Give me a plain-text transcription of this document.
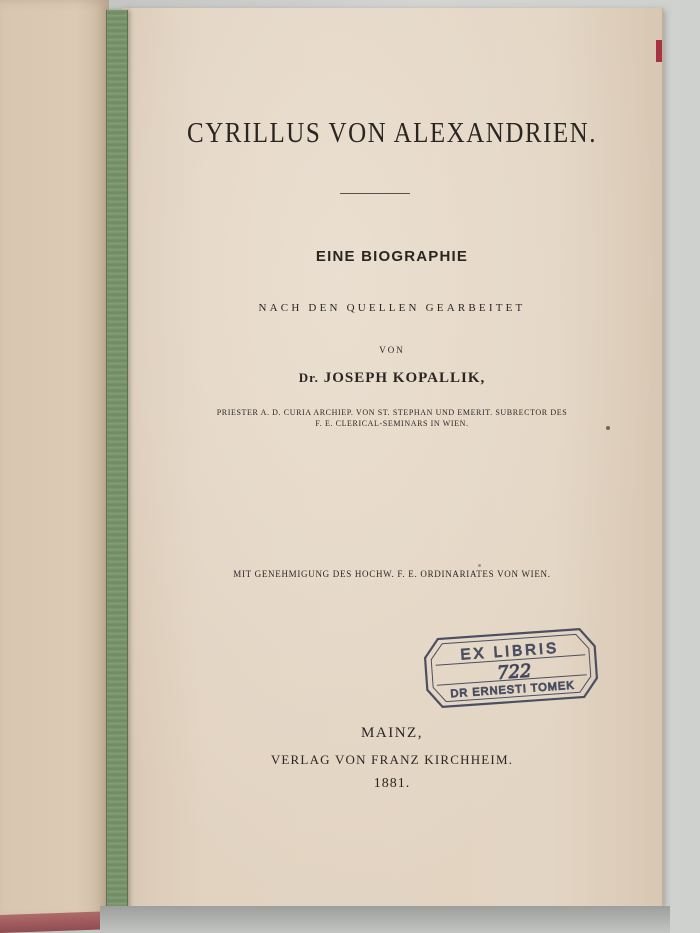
CYRILLUS VON ALEXANDRIEN.
EINE BIOGRAPHIE
NACH DEN QUELLEN GEARBEITET
VON
Dr. JOSEPH KOPALLIK,
PRIESTER A. D. CURIA ARCHIEP. VON ST. STEPHAN UND EMERIT. SUBRECTOR DES
F. E. CLERICAL-SEMINARS IN WIEN.
MIT GENEHMIGUNG DES HOCHW. F. E. ORDINARIATES VON WIEN.
EX LIBRIS
722
DR ERNESTI TOMEK
MAINZ,
VERLAG VON FRANZ KIRCHHEIM.
1881.
